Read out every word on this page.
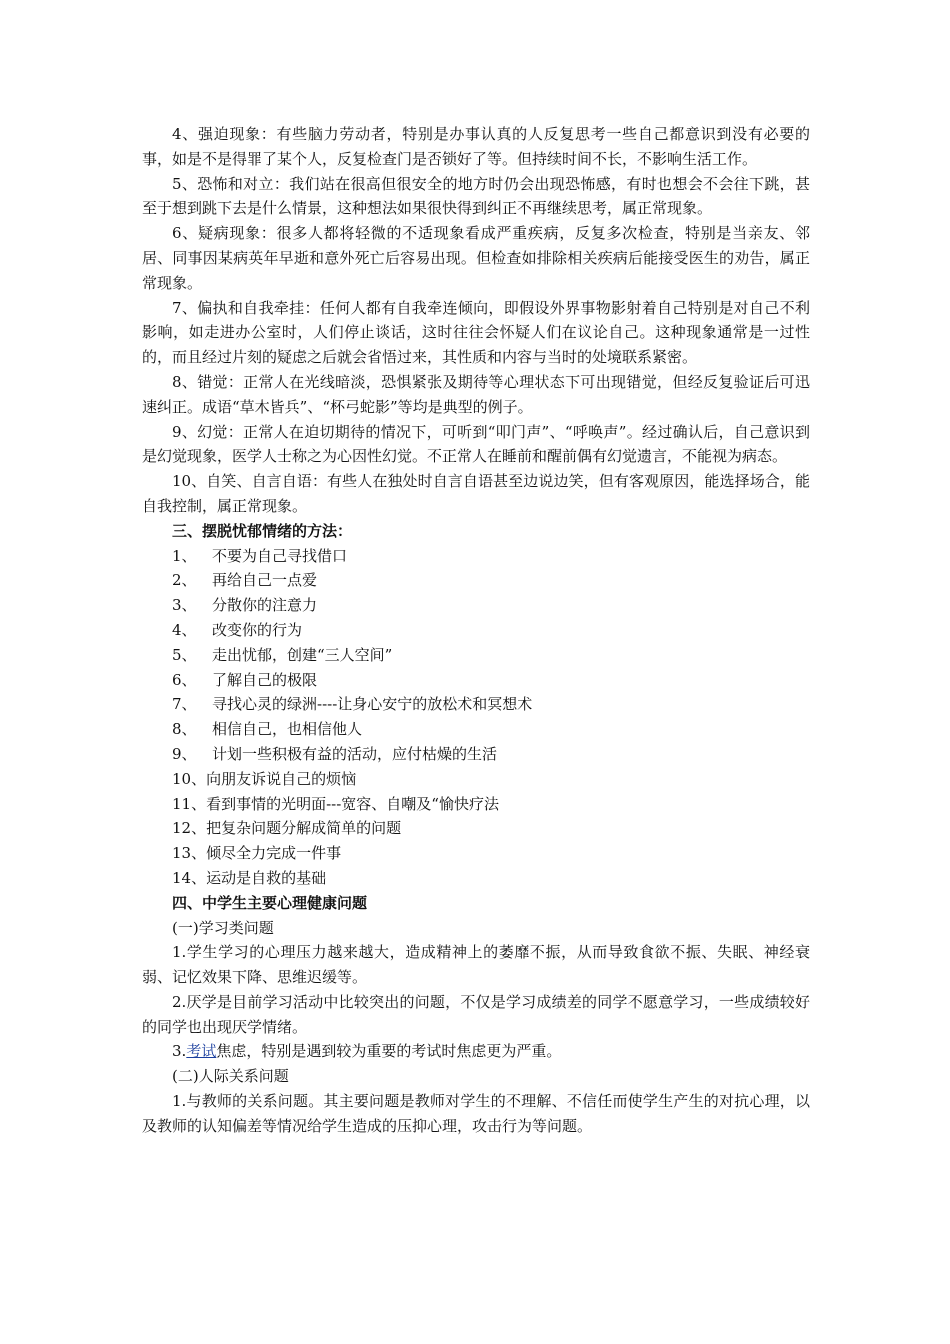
4、强迫现象：有些脑力劳动者，特别是办事认真的人反复思考一些自己都意识到没有必要的事，如是不是得罪了某个人，反复检查门是否锁好了等。但持续时间不长，不影响生活工作。

5、恐怖和对立：我们站在很高但很安全的地方时仍会出现恐怖感，有时也想会不会往下跳，甚至于想到跳下去是什么情景，这种想法如果很快得到纠正不再继续思考，属正常现象。

6、疑病现象：很多人都将轻微的不适现象看成严重疾病，反复多次检查，特别是当亲友、邻居、同事因某病英年早逝和意外死亡后容易出现。但检查如排除相关疾病后能接受医生的劝告，属正常现象。

7、偏执和自我牵挂：任何人都有自我牵连倾向，即假设外界事物影射着自己特别是对自己不利影响，如走进办公室时，人们停止谈话，这时往往会怀疑人们在议论自己。这种现象通常是一过性的，而且经过片刻的疑虑之后就会省悟过来，其性质和内容与当时的处境联系紧密。

8、错觉：正常人在光线暗淡，恐惧紧张及期待等心理状态下可出现错觉，但经反复验证后可迅速纠正。成语“草木皆兵”、“杯弓蛇影”等均是典型的例子。

9、幻觉：正常人在迫切期待的情况下，可听到“叩门声”、“呼唤声”。经过确认后，自己意识到是幻觉现象，医学人士称之为心因性幻觉。不正常人在睡前和醒前偶有幻觉遗言，不能视为病态。

10、自笑、自言自语：有些人在独处时自言自语甚至边说边笑，但有客观原因，能选择场合，能自我控制，属正常现象。

三、摆脱忧郁情绪的方法：

1、 不要为自己寻找借口

2、 再给自己一点爱

3、 分散你的注意力

4、 改变你的行为

5、 走出忧郁，创建“三人空间”

6、 了解自己的极限

7、 寻找心灵的绿洲----让身心安宁的放松术和冥想术

8、 相信自己，也相信他人

9、 计划一些积极有益的活动，应付枯燥的生活

10、向朋友诉说自己的烦恼

11、看到事情的光明面---宽容、自嘲及“愉快疗法

12、把复杂问题分解成简单的问题

13、倾尽全力完成一件事

14、运动是自救的基础

四、中学生主要心理健康问题

(一)学习类问题

1.学生学习的心理压力越来越大，造成精神上的萎靡不振，从而导致食欲不振、失眠、神经衰弱、记忆效果下降、思维迟缓等。

2.厌学是目前学习活动中比较突出的问题，不仅是学习成绩差的同学不愿意学习，一些成绩较好的同学也出现厌学情绪。

3.考试焦虑，特别是遇到较为重要的考试时焦虑更为严重。

(二)人际关系问题

1.与教师的关系问题。其主要问题是教师对学生的不理解、不信任而使学生产生的对抗心理，以及教师的认知偏差等情况给学生造成的压抑心理，攻击行为等问题。
